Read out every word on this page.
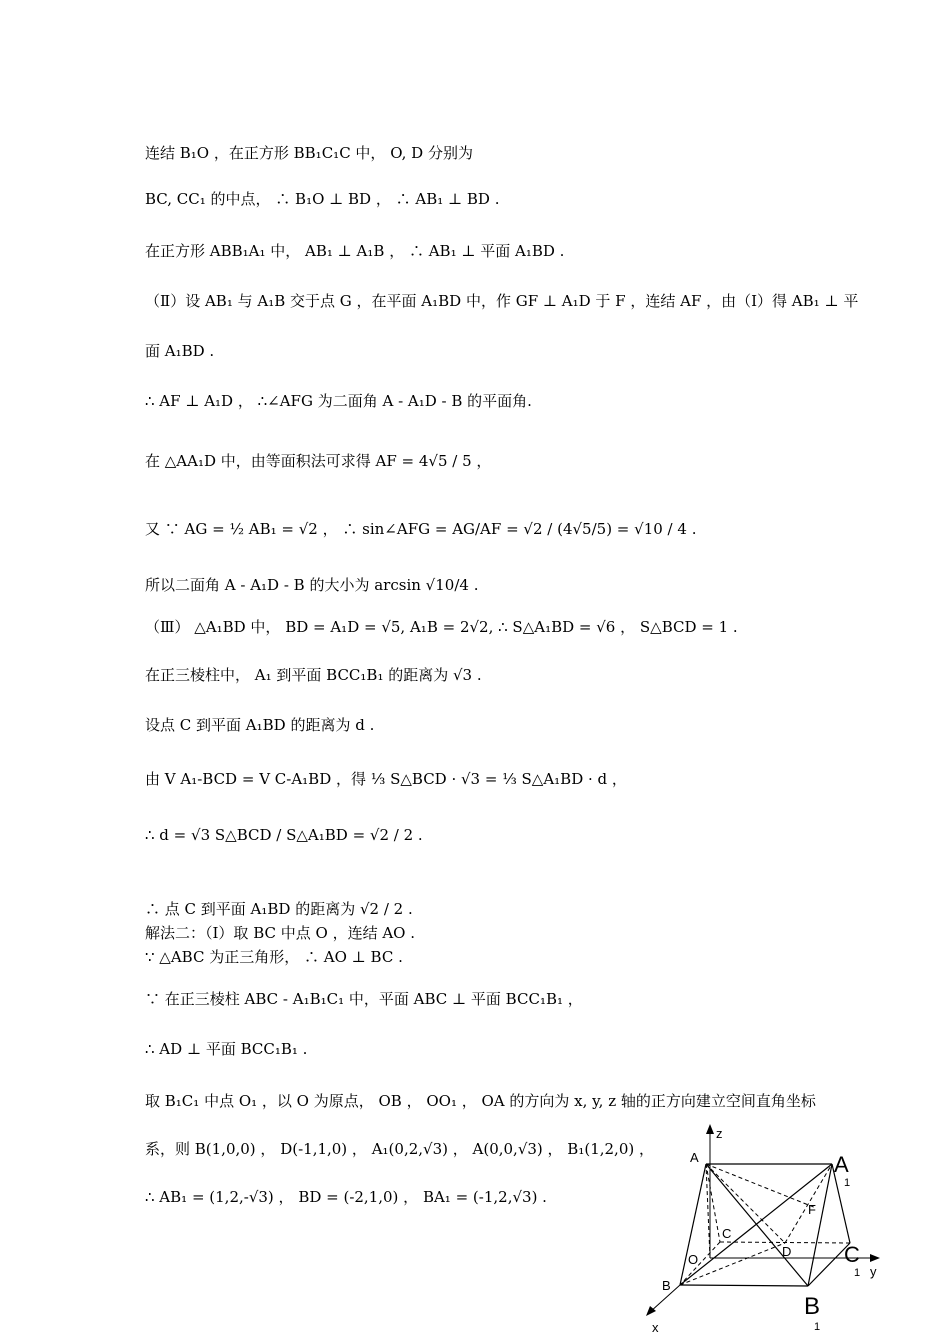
连结 B₁O ，在正方形 BB₁C₁C 中， O, D 分别为
BC, CC₁ 的中点， ∴ B₁O ⊥ BD ， ∴ AB₁ ⊥ BD .
在正方形 ABB₁A₁ 中， AB₁ ⊥ A₁B ， ∴ AB₁ ⊥ 平面 A₁BD .
（Ⅱ）设 AB₁ 与 A₁B 交于点 G ，在平面 A₁BD 中，作 GF ⊥ A₁D 于 F ，连结 AF ，由（Ⅰ）得 AB₁ ⊥ 平
面 A₁BD .
∴ AF ⊥ A₁D ， ∴∠AFG 为二面角 A - A₁D - B 的平面角.
在 △AA₁D 中，由等面积法可求得 AF = 4√5 / 5 ，
又 ∵ AG = ½ AB₁ = √2 ， ∴ sin∠AFG = AG/AF = √2 / (4√5/5) = √10 / 4 .
所以二面角 A - A₁D - B 的大小为 arcsin √10/4 .
（Ⅲ） △A₁BD 中， BD = A₁D = √5, A₁B = 2√2, ∴ S△A₁BD = √6 ， S△BCD = 1 .
在正三棱柱中， A₁ 到平面 BCC₁B₁ 的距离为 √3 .
设点 C 到平面 A₁BD 的距离为 d .
由 V A₁-BCD = V C-A₁BD ，得 ⅓ S△BCD · √3 = ⅓ S△A₁BD · d ，
∴ d = √3 S△BCD / S△A₁BD = √2 / 2 .
∴ 点 C 到平面 A₁BD 的距离为 √2 / 2 .
解法二：（Ⅰ）取 BC 中点 O ，连结 AO .
∵ △ABC 为正三角形， ∴ AO ⊥ BC .
∵ 在正三棱柱 ABC - A₁B₁C₁ 中，平面 ABC ⊥ 平面 BCC₁B₁ ，
∴ AD ⊥ 平面 BCC₁B₁ .
取 B₁C₁ 中点 O₁ ，以 O 为原点， OB ， OO₁ ， OA 的方向为 x, y, z 轴的正方向建立空间直角坐标
系，则 B(1,0,0) ， D(-1,1,0) ， A₁(0,2,√3) ， A(0,0,√3) ， B₁(1,2,0) ，
∴ AB₁ = (1,2,-√3) ， BD = (-2,1,0) ， BA₁ = (-1,2,√3) .
z
A	A
1
F
C
O
D C
1 y
B
B
1
x
